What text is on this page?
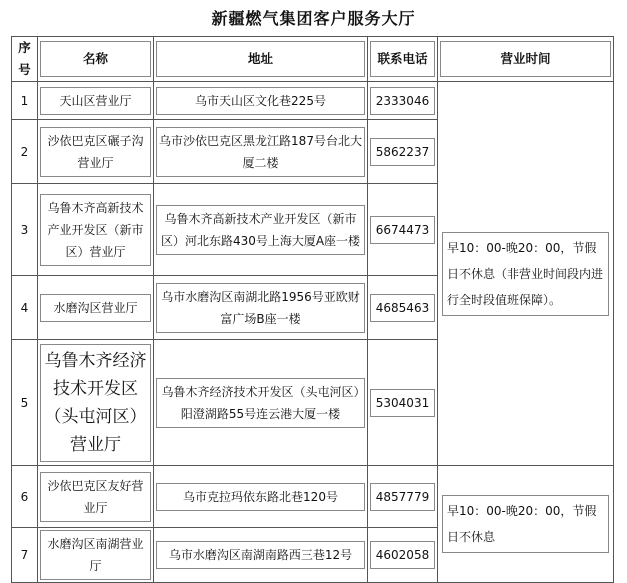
新疆燃气集团客户服务大厅
序号	名称	地址	联系电话	营业时间

1	天山区营业厅	乌市天山区文化巷225号	2333046	早10：00-晚20：00，节假日不休息（非营业时间段内进行全时段值班保障）。

2	沙依巴克区碾子沟营业厅	乌市沙依巴克区黑龙江路187号台北大厦二楼	5862237	

3	乌鲁木齐高新技术产业开发区（新市区）营业厅	乌鲁木齐高新技术产业开发区（新市区）河北东路430号上海大厦A座一楼	6674473	

4	水磨沟区营业厅	乌市水磨沟区南湖北路1956号亚欧财富广场B座一楼	4685463	

5	乌鲁木齐经济技术开发区（头屯河区）营业厅	乌鲁木齐经济技术开发区（头屯河区）阳澄湖路55号连云港大厦一楼	5304031	

6	沙依巴克区友好营业厅	乌市克拉玛依东路北巷120号	4857779	早10：00-晚20：00，节假日不休息

7	水磨沟区南湖营业厅	乌市水磨沟区南湖南路西三巷12号	4602058	
